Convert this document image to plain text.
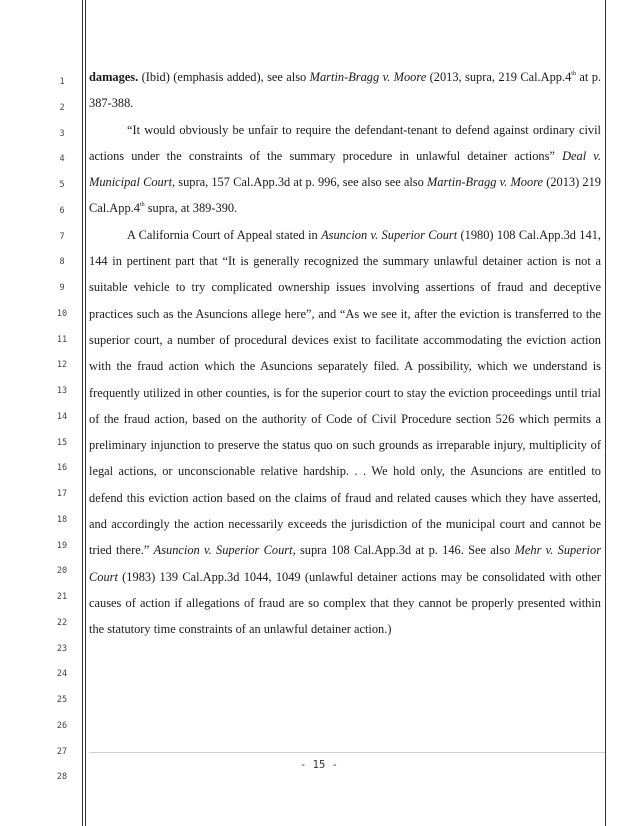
1
2
3
4
5
6
7
8
9
10
11
12
13
14
15
16
17
18
19
20
21
22
23
24
25
26
27
28

damages. (Ibid) (emphasis added), see also Martin-Bragg v. Moore (2013, supra, 219 Cal.App.4th at p. 387-388.

“It would obviously be unfair to require the defendant-tenant to defend against ordinary civil actions under the constraints of the summary procedure in unlawful detainer actions” Deal v. Municipal Court, supra, 157 Cal.App.3d at p. 996, see also see also Martin-Bragg v. Moore (2013) 219 Cal.App.4th supra, at 389-390.

A California Court of Appeal stated in Asuncion v. Superior Court (1980) 108 Cal.App.3d 141, 144 in pertinent part that “It is generally recognized the summary unlawful detainer action is not a suitable vehicle to try complicated ownership issues involving assertions of fraud and deceptive practices such as the Asuncions allege here”, and “As we see it, after the eviction is transferred to the superior court, a number of procedural devices exist to facilitate accommodating the eviction action with the fraud action which the Asuncions separately filed. A possibility, which we understand is frequently utilized in other counties, is for the superior court to stay the eviction proceedings until trial of the fraud action, based on the authority of Code of Civil Procedure section 526 which permits a preliminary injunction to preserve the status quo on such grounds as irreparable injury, multiplicity of legal actions, or unconscionable relative hardship. . . We hold only, the Asuncions are entitled to defend this eviction action based on the claims of fraud and related causes which they have asserted, and accordingly the action necessarily exceeds the jurisdiction of the municipal court and cannot be tried there.” Asuncion v. Superior Court, supra 108 Cal.App.3d at p. 146. See also Mehr v. Superior Court (1983) 139 Cal.App.3d 1044, 1049 (unlawful detainer actions may be consolidated with other causes of action if allegations of fraud are so complex that they cannot be properly presented within the statutory time constraints of an unlawful detainer action.)

- 15 -
